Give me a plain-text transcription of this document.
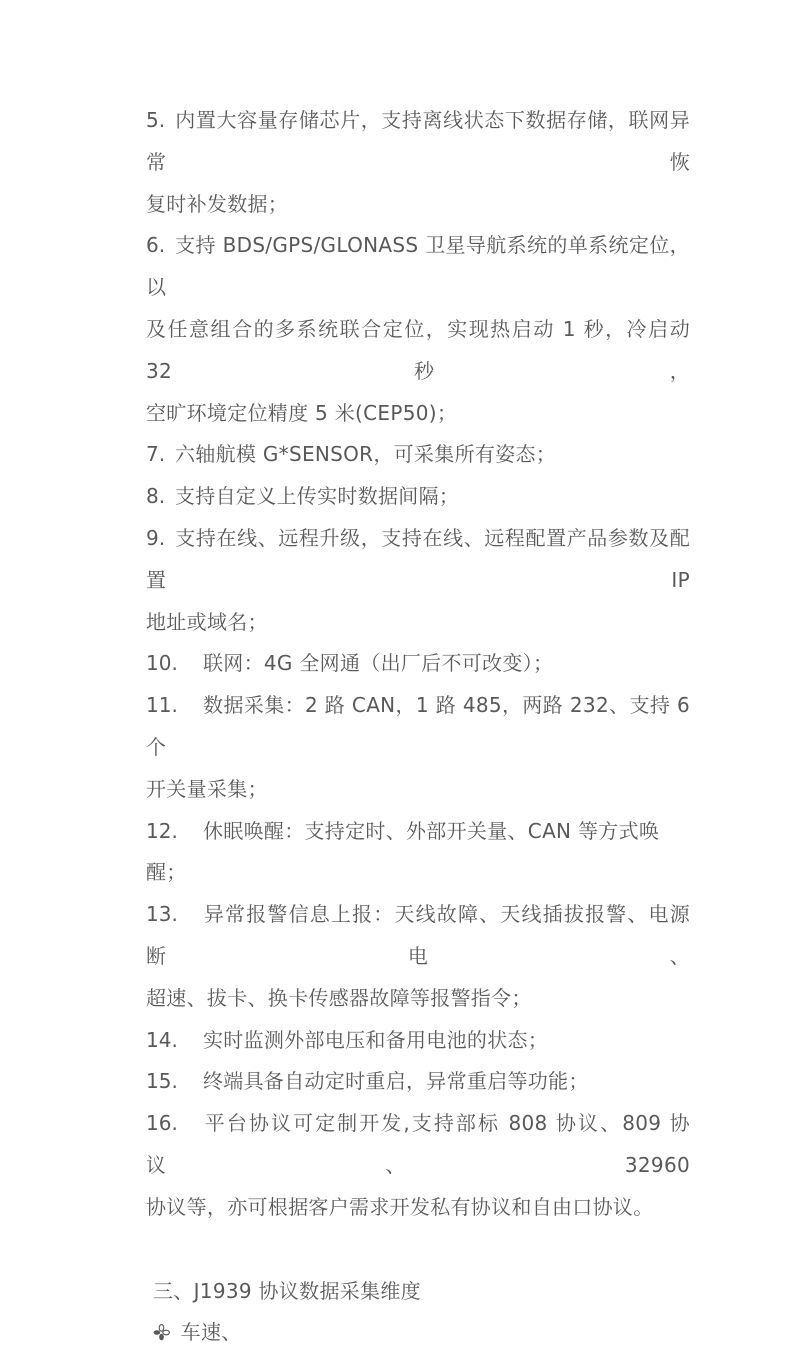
5. 内置大容量存储芯片，支持离线状态下数据存储，联网异常恢
复时补发数据；
6. 支持 BDS/GPS/GLONASS 卫星导航系统的单系统定位，以
及任意组合的多系统联合定位，实现热启动 1 秒，冷启动 32 秒，
空旷环境定位精度 5 米(CEP50)；
7. 六轴航模 G*SENSOR，可采集所有姿态；
8. 支持自定义上传实时数据间隔；
9. 支持在线、远程升级，支持在线、远程配置产品参数及配置 IP
地址或域名；
10. 联网：4G 全网通（出厂后不可改变）；
11. 数据采集：2 路 CAN，1 路 485，两路 232、支持 6 个
开关量采集；
12. 休眠唤醒：支持定时、外部开关量、CAN 等方式唤醒；
13. 异常报警信息上报：天线故障、天线插拔报警、电源断电、
超速、拔卡、换卡传感器故障等报警指令；
14. 实时监测外部电压和备用电池的状态；
15. 终端具备自动定时重启，异常重启等功能；
16. 平台协议可定制开发,支持部标 808 协议、809 协议、32960
协议等，亦可根据客户需求开发私有协议和自由口协议。
三、J1939 协议数据采集维度
车速、
